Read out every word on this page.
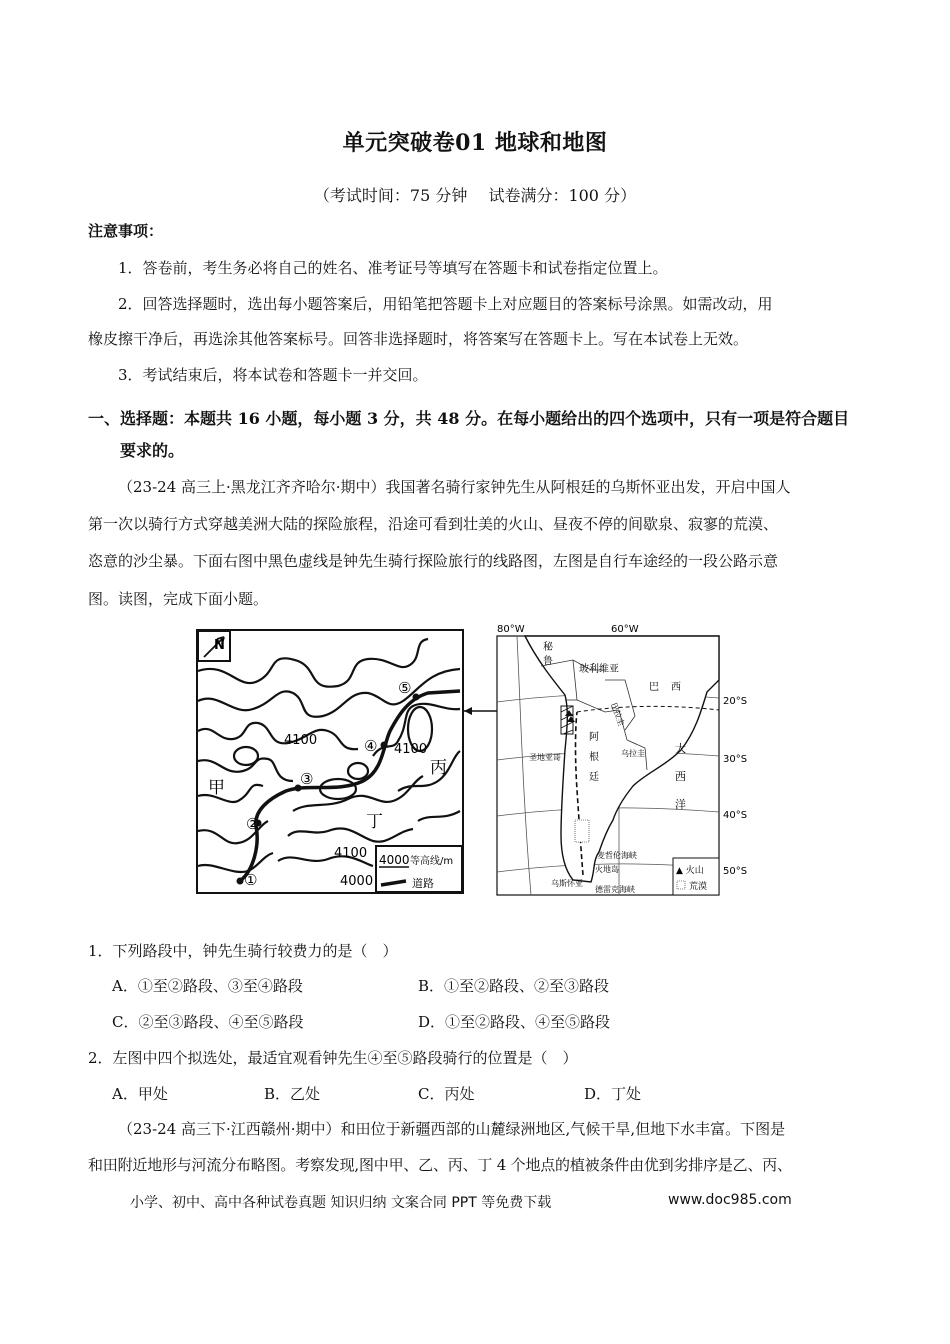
单元突破卷01 地球和地图
（考试时间：75 分钟　 试卷满分：100 分）
注意事项：
1．答卷前，考生务必将自己的姓名、准考证号等填写在答题卡和试卷指定位置上。
2．回答选择题时，选出每小题答案后，用铅笔把答题卡上对应题目的答案标号涂黑。如需改动，用
橡皮擦干净后，再选涂其他答案标号。回答非选择题时，将答案写在答题卡上。写在本试卷上无效。
3．考试结束后，将本试卷和答题卡一并交回。
一、选择题：本题共 16 小题，每小题 3 分，共 48 分。在每小题给出的四个选项中，只有一项是符合题目
要求的。
（23-24 高三上·黑龙江齐齐哈尔·期中）我国著名骑行家钟先生从阿根廷的乌斯怀亚出发，开启中国人
第一次以骑行方式穿越美洲大陆的探险旅程，沿途可看到壮美的火山、昼夜不停的间歇泉、寂寥的荒漠、
恣意的沙尘暴。下面右图中黑色虚线是钟先生骑行探险旅行的线路图，左图是自行车途经的一段公路示意
图。读图，完成下面小题。
N
①
②
③
④
⑤
4100
4100
4100
4000
甲
丙
丁
4000 等高线/m
道路
80°W	60°W
秘
鲁
玻利维亚
巴 西
阿
根
廷
大
西
洋
巴拉圭
圣地亚哥	乌拉圭
麦哲伦海峡
火地岛
乌斯怀亚
德雷克海峡
20°S
30°S
40°S
50°S
▲ 火山
荒漠
1．下列路段中，钟先生骑行较费力的是（　）
A．①至②路段、③至④路段	B．①至②路段、②至③路段
C．②至③路段、④至⑤路段	D．①至②路段、④至⑤路段
2．左图中四个拟选处，最适宜观看钟先生④至⑤路段骑行的位置是（　）
A．甲处	B．乙处	C．丙处	D．丁处
（23-24 高三下·江西赣州·期中）和田位于新疆西部的山麓绿洲地区,气候干旱,但地下水丰富。下图是
和田附近地形与河流分布略图。考察发现,图中甲、乙、丙、丁 4 个地点的植被条件由优到劣排序是乙、丙、
小学、初中、高中各种试卷真题 知识归纳 文案合同 PPT 等免费下载	www.doc985.com
